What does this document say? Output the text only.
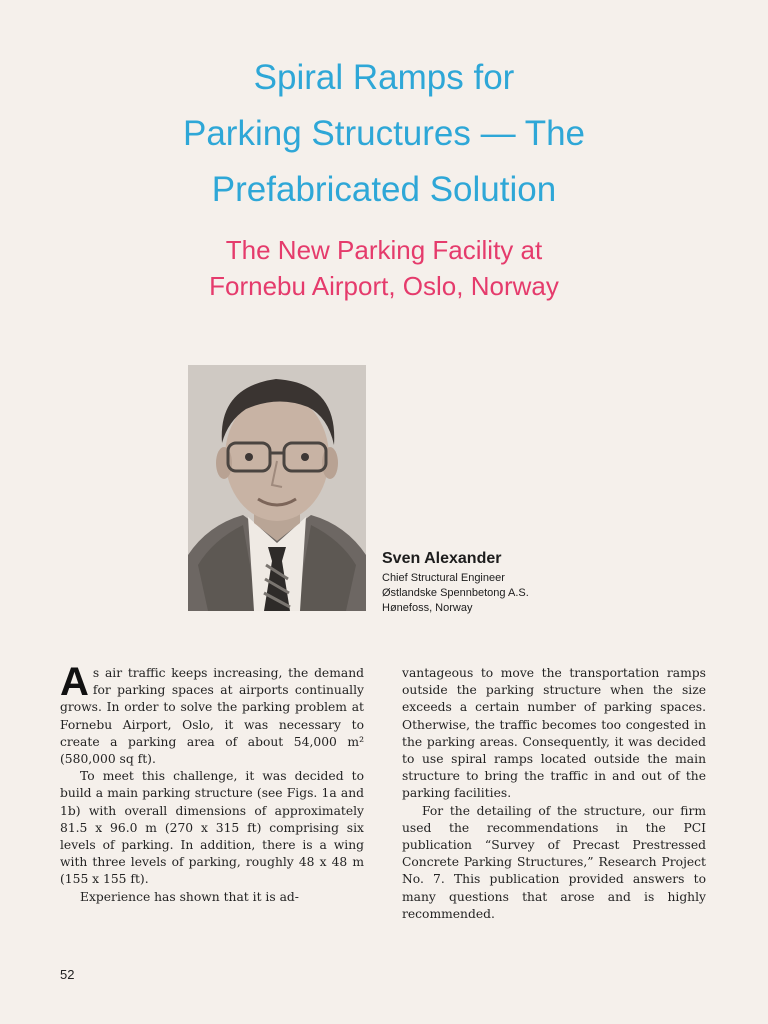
Spiral Ramps for
Parking Structures — The
Prefabricated Solution
The New Parking Facility at
Fornebu Airport, Oslo, Norway
Sven Alexander
Chief Structural Engineer
Østlandske Spennbetong A.S.
Hønefoss, Norway

As air traffic keeps increasing, the demand for parking spaces at airports continually grows. In order to solve the parking problem at Fornebu Airport, Oslo, it was necessary to create a parking area of about 54,000 m² (580,000 sq ft).

To meet this challenge, it was decided to build a main parking structure (see Figs. 1a and 1b) with overall dimensions of approximately 81.5 x 96.0 m (270 x 315 ft) comprising six levels of parking. In addition, there is a wing with three levels of parking, roughly 48 x 48 m (155 x 155 ft).

Experience has shown that it is ad-

vantageous to move the transportation ramps outside the parking structure when the size exceeds a certain number of parking spaces. Otherwise, the traffic becomes too congested in the parking areas. Consequently, it was decided to use spiral ramps located outside the main structure to bring the traffic in and out of the parking facilities.

For the detailing of the structure, our firm used the recommendations in the PCI publication “Survey of Precast Prestressed Concrete Parking Structures,” Research Project No. 7. This publication provided answers to many questions that arose and is highly recommended.

52
